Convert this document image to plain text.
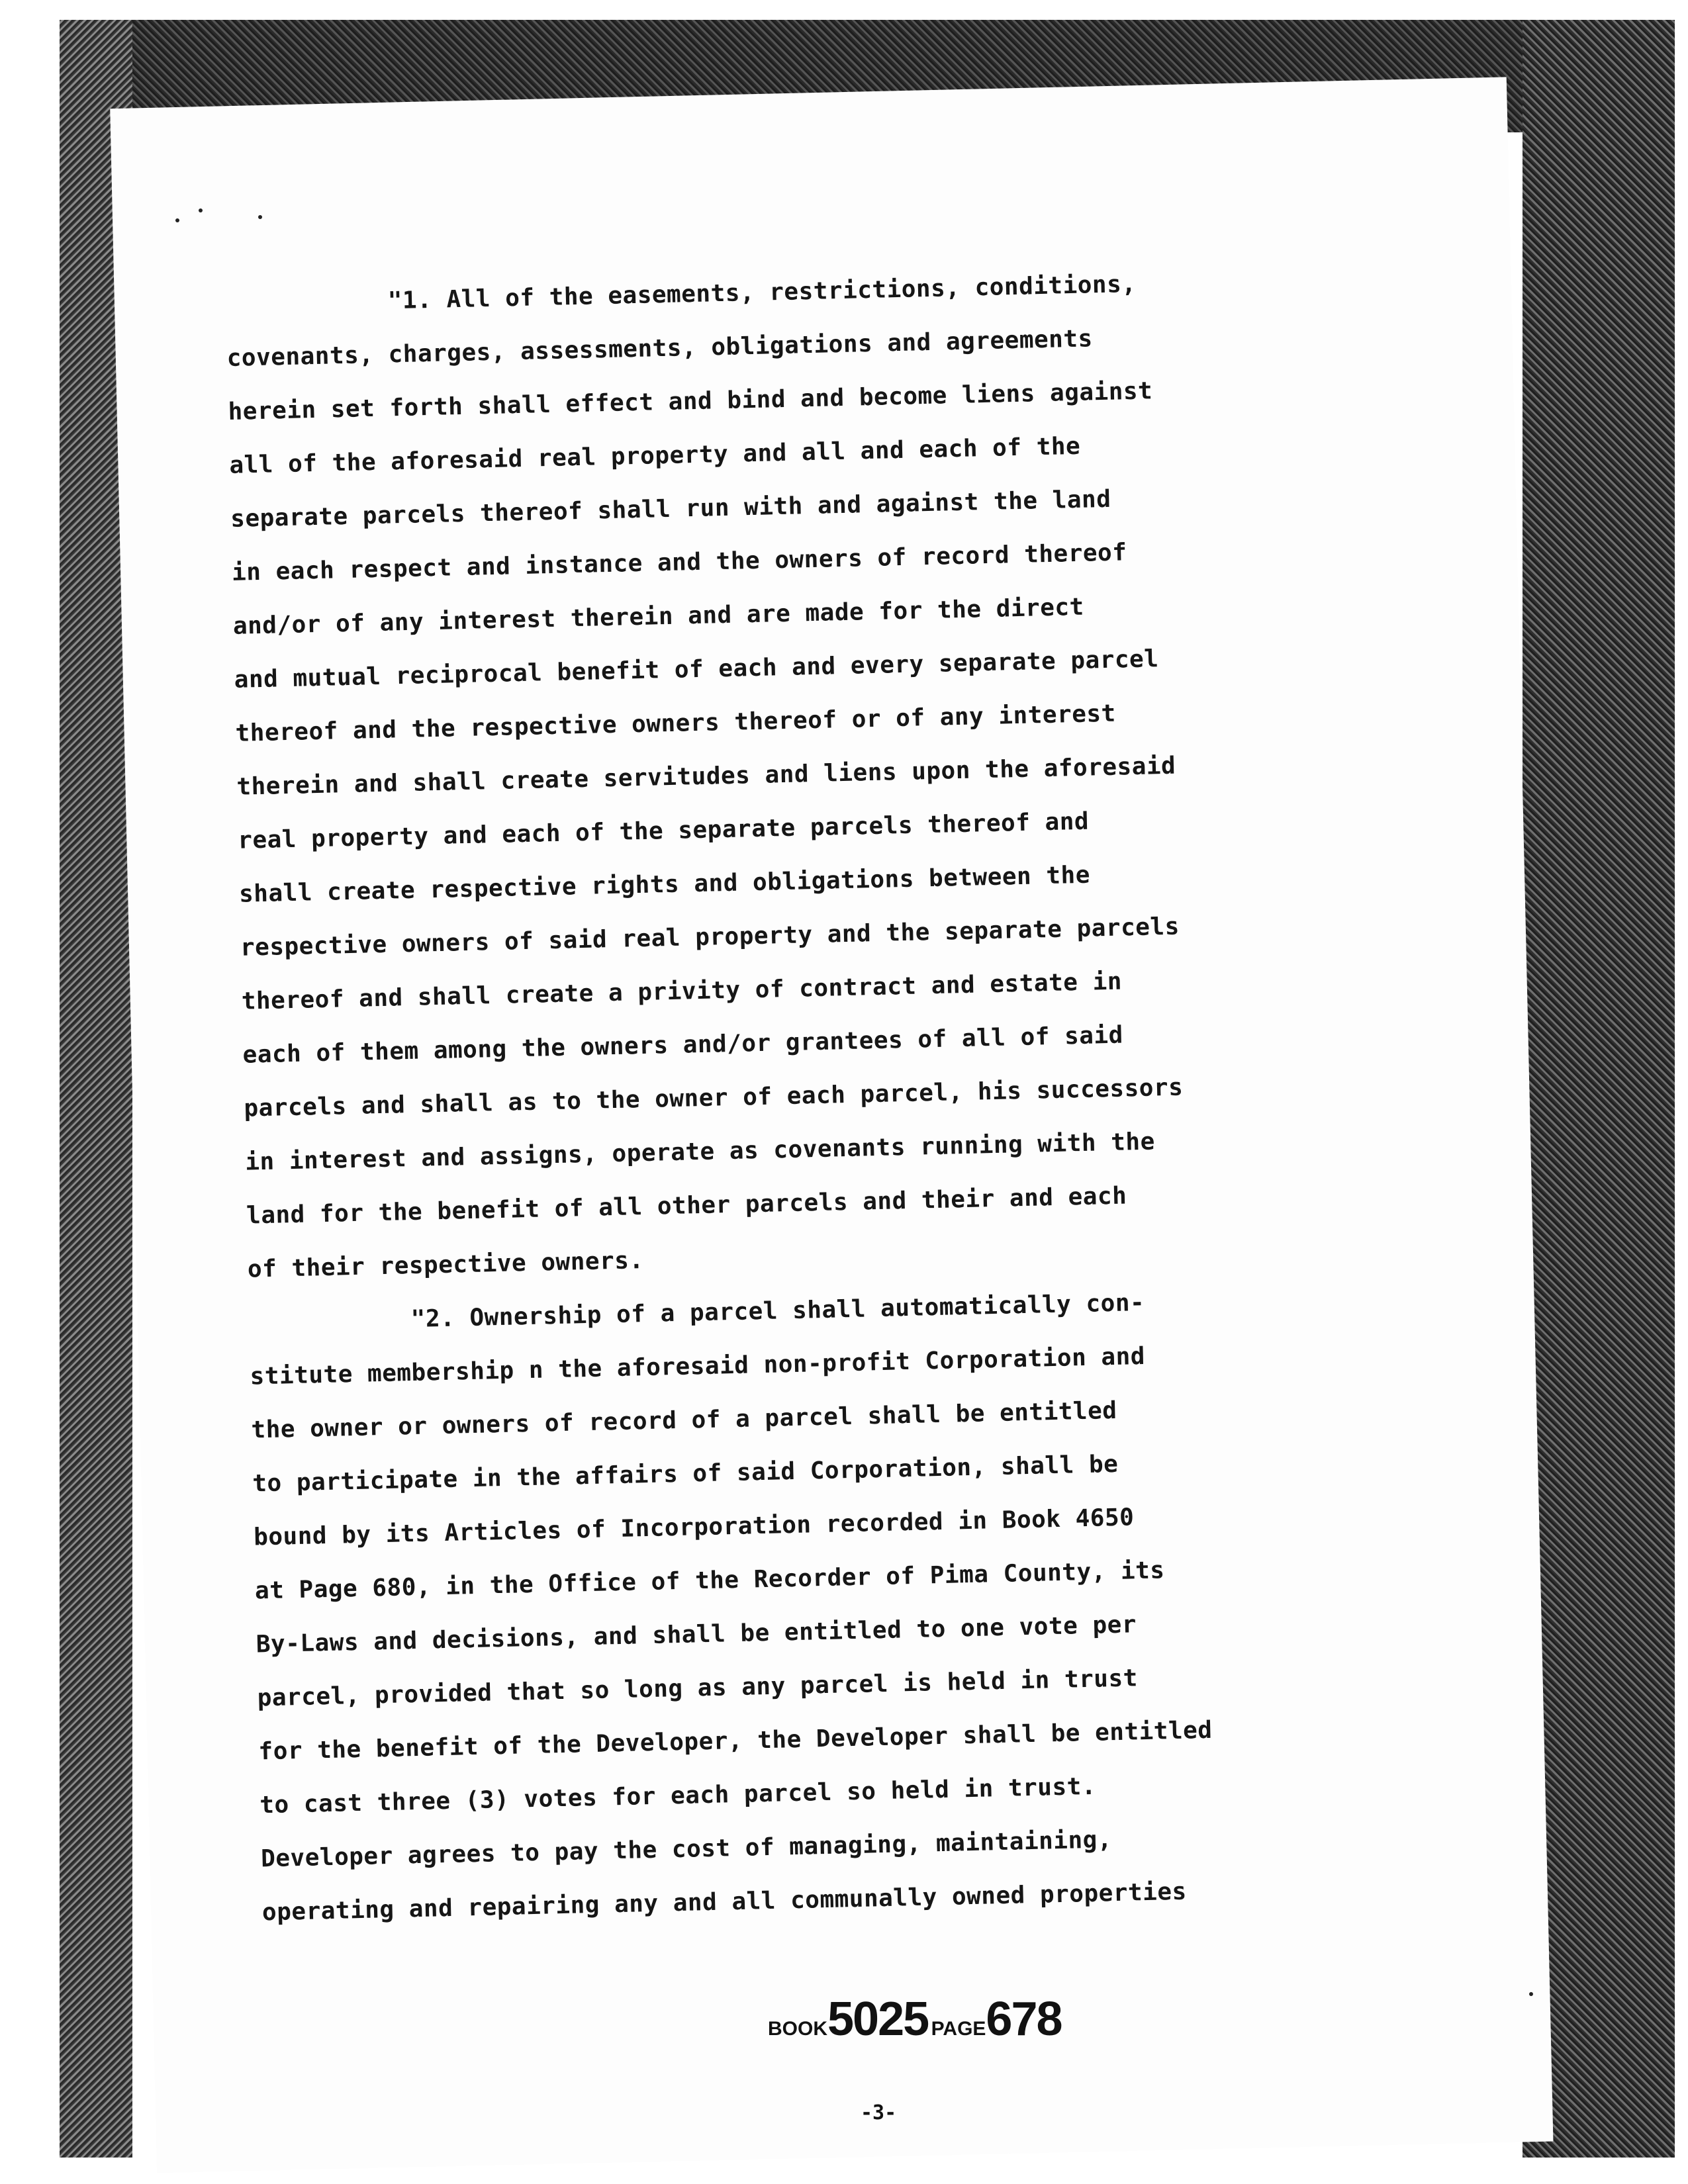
"1. All of the easements, restrictions, conditions,
covenants, charges, assessments, obligations and agreements
herein set forth shall effect and bind and become liens against
all of the aforesaid real property and all and each of the
separate parcels thereof shall run with and against the land
in each respect and instance and the owners of record thereof
and/or of any interest therein and are made for the direct
and mutual reciprocal benefit of each and every separate parcel
thereof and the respective owners thereof or of any interest
therein and shall create servitudes and liens upon the aforesaid
real property and each of the separate parcels thereof and
shall create respective rights and obligations between the
respective owners of said real property and the separate parcels
thereof and shall create a privity of contract and estate in
each of them among the owners and/or grantees of all of said
parcels and shall as to the owner of each parcel, his successors
in interest and assigns, operate as covenants running with the
land for the benefit of all other parcels and their and each
of their respective owners.
"2. Ownership of a parcel shall automatically con-
stitute membership n the aforesaid non-profit Corporation and
the owner or owners of record of a parcel shall be entitled
to participate in the affairs of said Corporation, shall be
bound by its Articles of Incorporation recorded in Book 4650
at Page 680, in the Office of the Recorder of Pima County, its
By-Laws and decisions, and shall be entitled to one vote per
parcel, provided that so long as any parcel is held in trust
for the benefit of the Developer, the Developer shall be entitled
to cast three (3) votes for each parcel so held in trust.
Developer agrees to pay the cost of managing, maintaining,
operating and repairing any and all communally owned properties
BOOK5025 PAGE678
-3-
